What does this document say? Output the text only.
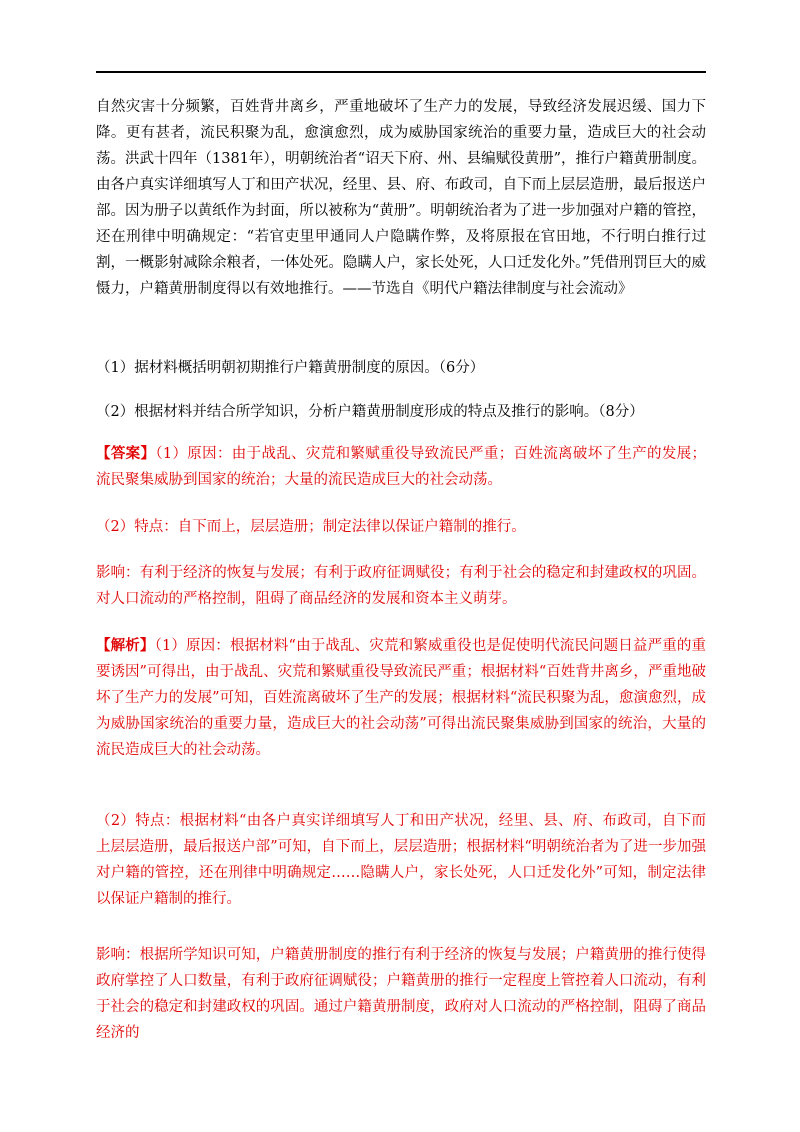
自然灾害十分频繁，百姓背井离乡，严重地破坏了生产力的发展，导致经济发展迟缓、国力下降。更有甚者，流民积聚为乱，愈演愈烈，成为威胁国家统治的重要力量，造成巨大的社会动荡。洪武十四年（1381年），明朝统治者“诏天下府、州、县编赋役黄册”，推行户籍黄册制度。由各户真实详细填写人丁和田产状况，经里、县、府、布政司，自下而上层层造册，最后报送户部。因为册子以黄纸作为封面，所以被称为“黄册”。明朝统治者为了进一步加强对户籍的管控，还在刑律中明确规定：“若官吏里甲通同人户隐瞒作弊，及将原报在官田地，不行明白推行过割，一概影射减除余粮者，一体处死。隐瞒人户，家长处死，人口迁发化外。”凭借刑罚巨大的威慑力，户籍黄册制度得以有效地推行。——节选自《明代户籍法律制度与社会流动》

（1）据材料概括明朝初期推行户籍黄册制度的原因。（6分）

（2）根据材料并结合所学知识，分析户籍黄册制度形成的特点及推行的影响。（8分）

【答案】（1）原因：由于战乱、灾荒和繁赋重役导致流民严重；百姓流离破坏了生产的发展；流民聚集威胁到国家的统治；大量的流民造成巨大的社会动荡。

（2）特点：自下而上，层层造册；制定法律以保证户籍制的推行。

影响：有利于经济的恢复与发展；有利于政府征调赋役；有利于社会的稳定和封建政权的巩固。对人口流动的严格控制，阻碍了商品经济的发展和资本主义萌芽。

【解析】（1）原因：根据材料“由于战乱、灾荒和繁威重役也是促使明代流民问题日益严重的重要诱因”可得出，由于战乱、灾荒和繁赋重役导致流民严重；根据材料“百姓背井离乡，严重地破坏了生产力的发展”可知，百姓流离破坏了生产的发展；根据材料“流民积聚为乱，愈演愈烈，成为威胁国家统治的重要力量，造成巨大的社会动荡”可得出流民聚集威胁到国家的统治，大量的流民造成巨大的社会动荡。

（2）特点：根据材料“由各户真实详细填写人丁和田产状况，经里、县、府、布政司，自下而上层层造册，最后报送户部”可知，自下而上，层层造册；根据材料“明朝统治者为了进一步加强对户籍的管控，还在刑律中明确规定……隐瞒人户，家长处死，人口迁发化外”可知，制定法律以保证户籍制的推行。

影响：根据所学知识可知，户籍黄册制度的推行有利于经济的恢复与发展；户籍黄册的推行使得政府掌控了人口数量，有利于政府征调赋役；户籍黄册的推行一定程度上管控着人口流动，有利于社会的稳定和封建政权的巩固。通过户籍黄册制度，政府对人口流动的严格控制，阻碍了商品经济的
